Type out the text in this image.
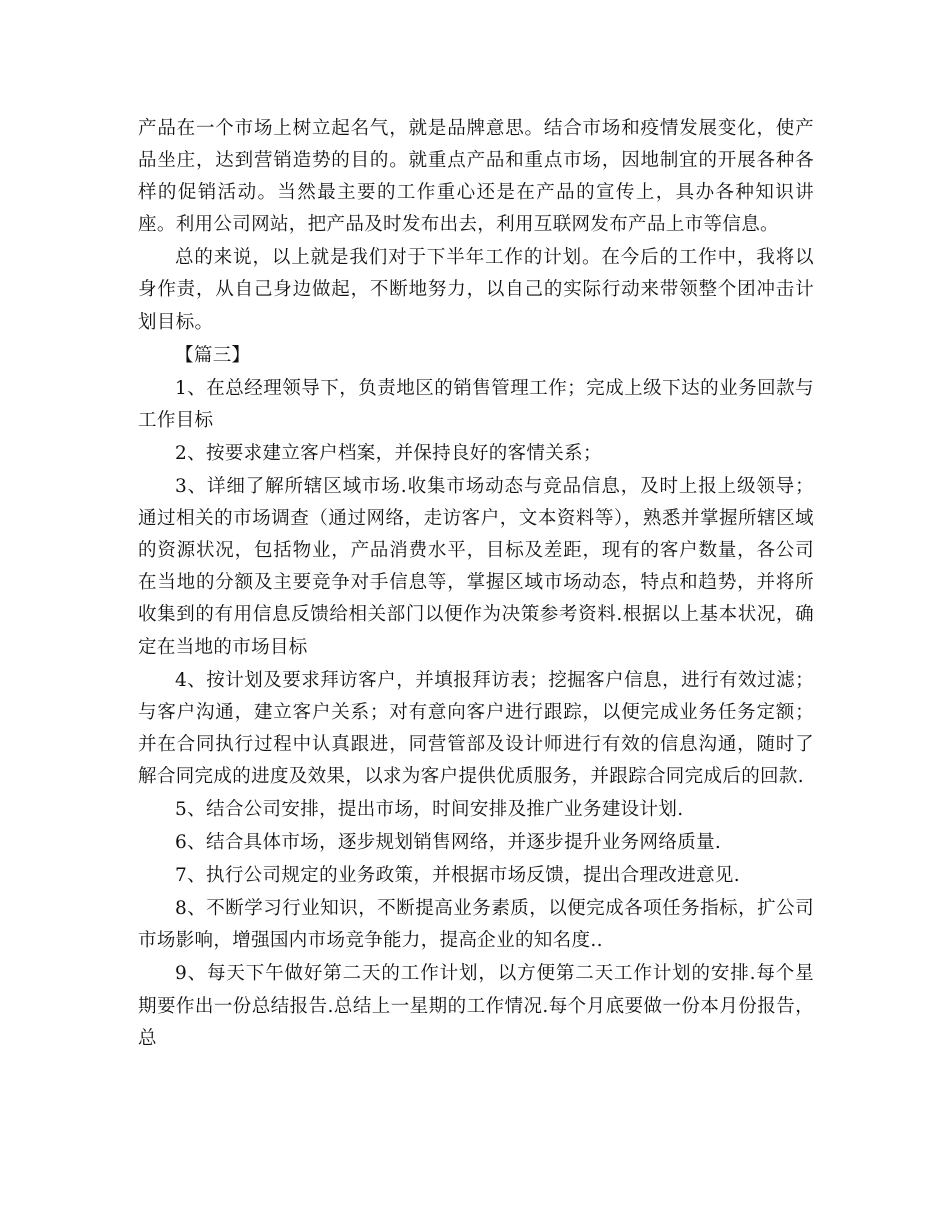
产品在一个市场上树立起名气，就是品牌意思。结合市场和疫情发展变化，使产品坐庄，达到营销造势的目的。就重点产品和重点市场，因地制宜的开展各种各样的促销活动。当然最主要的工作重心还是在产品的宣传上，具办各种知识讲座。利用公司网站，把产品及时发布出去，利用互联网发布产品上市等信息。

总的来说，以上就是我们对于下半年工作的计划。在今后的工作中，我将以身作责，从自己身边做起，不断地努力，以自己的实际行动来带领整个团冲击计划目标。

【篇三】

1、在总经理领导下，负责地区的销售管理工作；完成上级下达的业务回款与工作目标

2、按要求建立客户档案，并保持良好的客情关系；

3、详细了解所辖区域市场.收集市场动态与竞品信息，及时上报上级领导；通过相关的市场调查（通过网络，走访客户，文本资料等），熟悉并掌握所辖区域的资源状况，包括物业，产品消费水平，目标及差距，现有的客户数量，各公司在当地的分额及主要竞争对手信息等，掌握区域市场动态，特点和趋势，并将所收集到的有用信息反馈给相关部门以便作为决策参考资料.根据以上基本状况，确定在当地的市场目标

4、按计划及要求拜访客户，并填报拜访表；挖掘客户信息，进行有效过滤；与客户沟通，建立客户关系；对有意向客户进行跟踪，以便完成业务任务定额；并在合同执行过程中认真跟进，同营管部及设计师进行有效的信息沟通，随时了解合同完成的进度及效果，以求为客户提供优质服务，并跟踪合同完成后的回款.

5、结合公司安排，提出市场，时间安排及推广业务建设计划.

6、结合具体市场，逐步规划销售网络，并逐步提升业务网络质量.

7、执行公司规定的业务政策，并根据市场反馈，提出合理改进意见.

8、不断学习行业知识，不断提高业务素质，以便完成各项任务指标，扩公司市场影响，增强国内市场竞争能力，提高企业的知名度..

9、每天下午做好第二天的工作计划，以方便第二天工作计划的安排.每个星期要作出一份总结报告.总结上一星期的工作情况.每个月底要做一份本月份报告，总
